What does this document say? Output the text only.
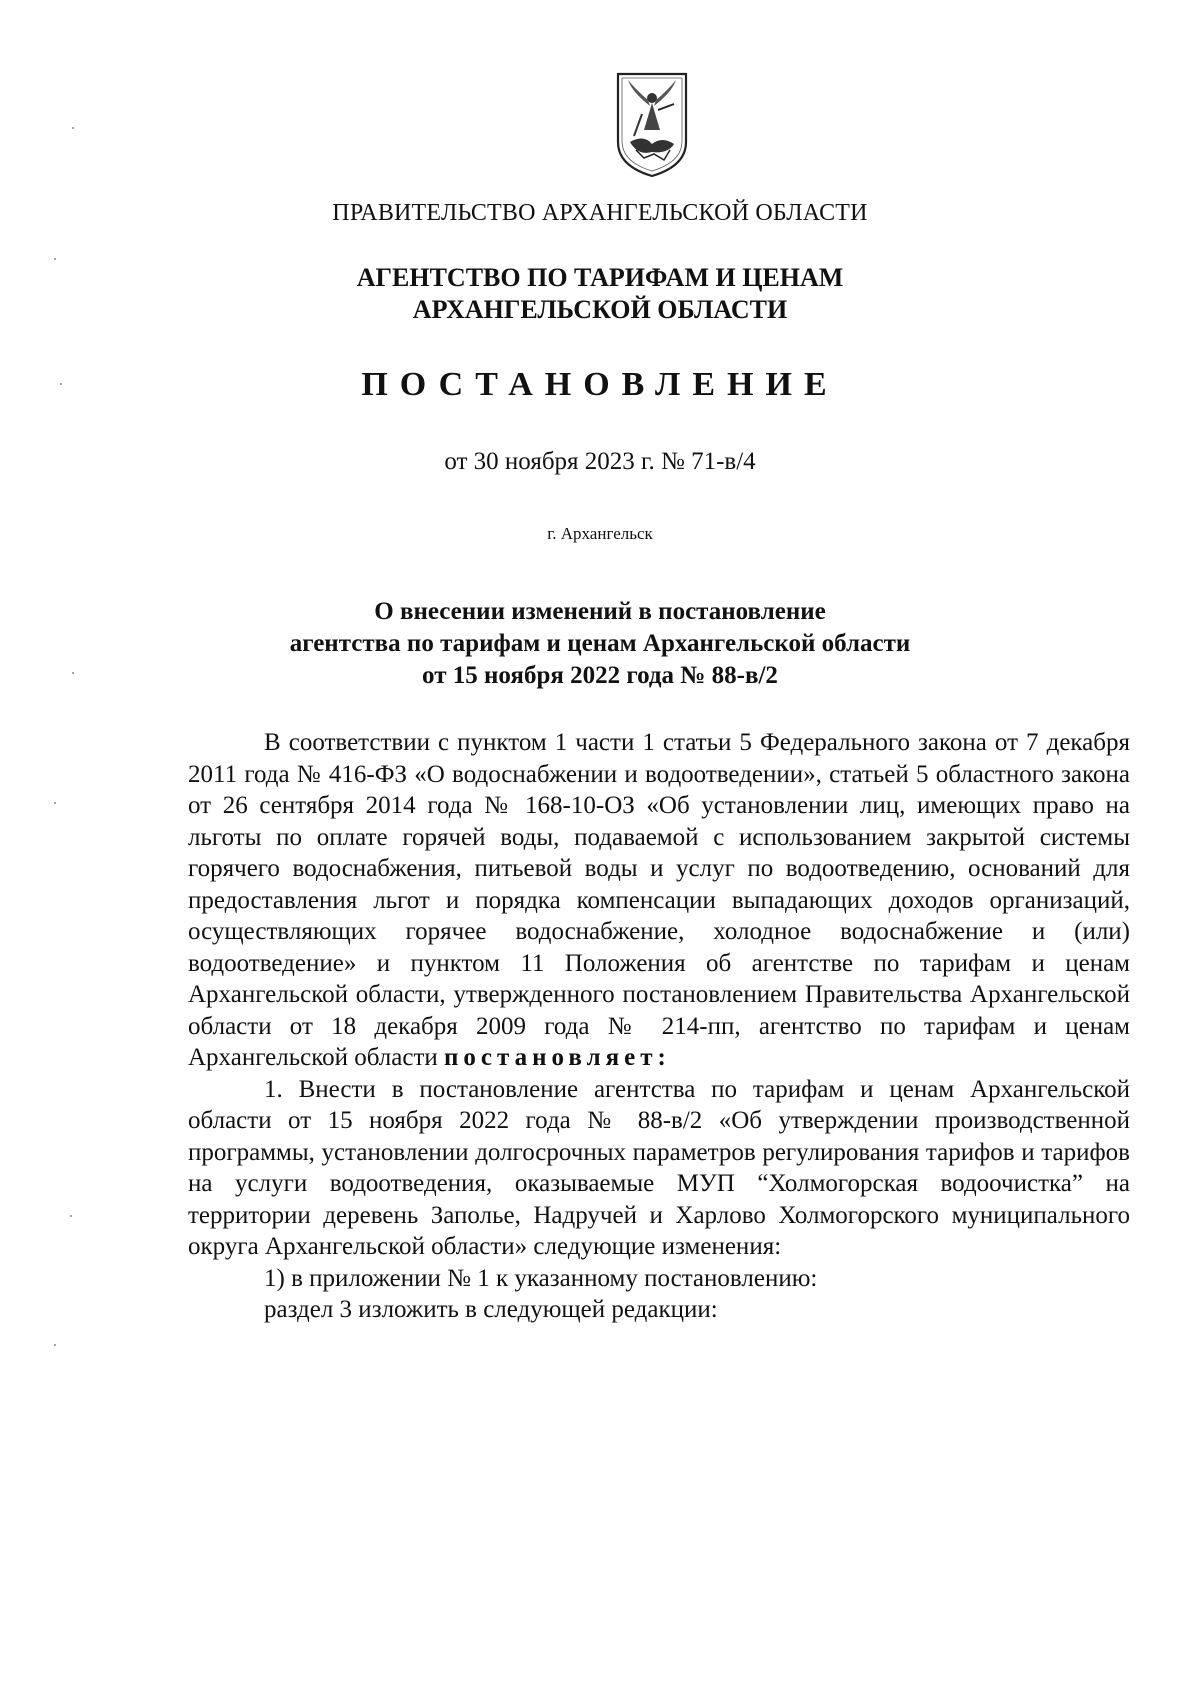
ПРАВИТЕЛЬСТВО АРХАНГЕЛЬСКОЙ ОБЛАСТИ
АГЕНТСТВО ПО ТАРИФАМ И ЦЕНАМ
АРХАНГЕЛЬСКОЙ ОБЛАСТИ
ПОСТАНОВЛЕНИЕ
от 30 ноября 2023 г. № 71-в/4
г. Архангельск
О внесении изменений в постановление
агентства по тарифам и ценам Архангельской области
от 15 ноября 2022 года № 88-в/2

В соответствии с пунктом 1 части 1 статьи 5 Федерального закона от 7 декабря 2011 года № 416-ФЗ «О водоснабжении и водоотведении», статьей 5 областного закона от 26 сентября 2014 года № 168-10-ОЗ «Об установлении лиц, имеющих право на льготы по оплате горячей воды, подаваемой с использованием закрытой системы горячего водоснабжения, питьевой воды и услуг по водоотведению, оснований для предоставления льгот и порядка компенсации выпадающих доходов организаций, осуществляющих горячее водоснабжение, холодное водоснабжение и (или) водоотведение» и пунктом 11 Положения об агентстве по тарифам и ценам Архангельской области, утвержденного постановлением Правительства Архангельской области от 18 декабря 2009 года № 214-пп, агентство по тарифам и ценам Архангельской области постановляет:

1. Внести в постановление агентства по тарифам и ценам Архангельской области от 15 ноября 2022 года № 88-в/2 «Об утверждении производственной программы, установлении долгосрочных параметров регулирования тарифов и тарифов на услуги водоотведения, оказываемые МУП “Холмогорская водоочистка” на территории деревень Заполье, Надручей и Харлово Холмогорского муниципального округа Архангельской области» следующие изменения:

1) в приложении № 1 к указанному постановлению:

раздел 3 изложить в следующей редакции:
